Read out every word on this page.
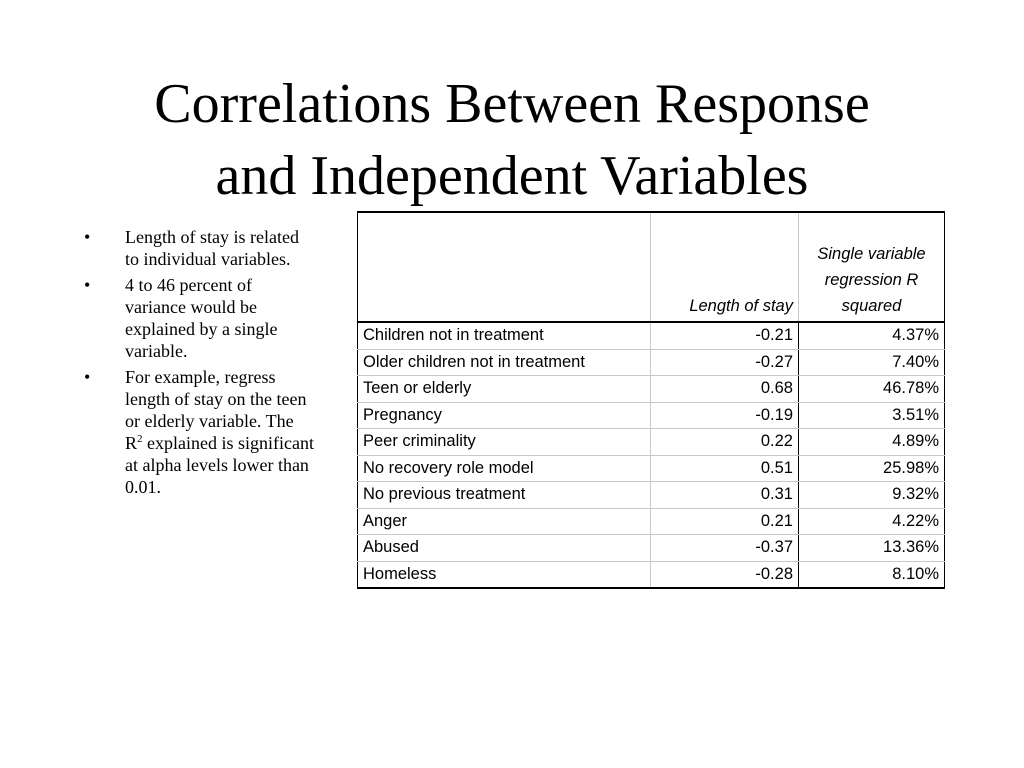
Correlations Between Response
and Independent Variables
• Length of stay is related to individual variables.
• 4 to 46 percent of variance would be explained by a single variable.
• For example, regress length of stay on the teen or elderly variable. The $R^2$ explained is significant at alpha levels lower than 0.01.
	Length of stay	Single variable regression R squared
Children not in treatment	-0.21	4.37%
Older children not in treatment	-0.27	7.40%
Teen or elderly	0.68	46.78%
Pregnancy	-0.19	3.51%
Peer criminality	0.22	4.89%
No recovery role model	0.51	25.98%
No previous treatment	0.31	9.32%
Anger	0.21	4.22%
Abused	-0.37	13.36%
Homeless	-0.28	8.10%
